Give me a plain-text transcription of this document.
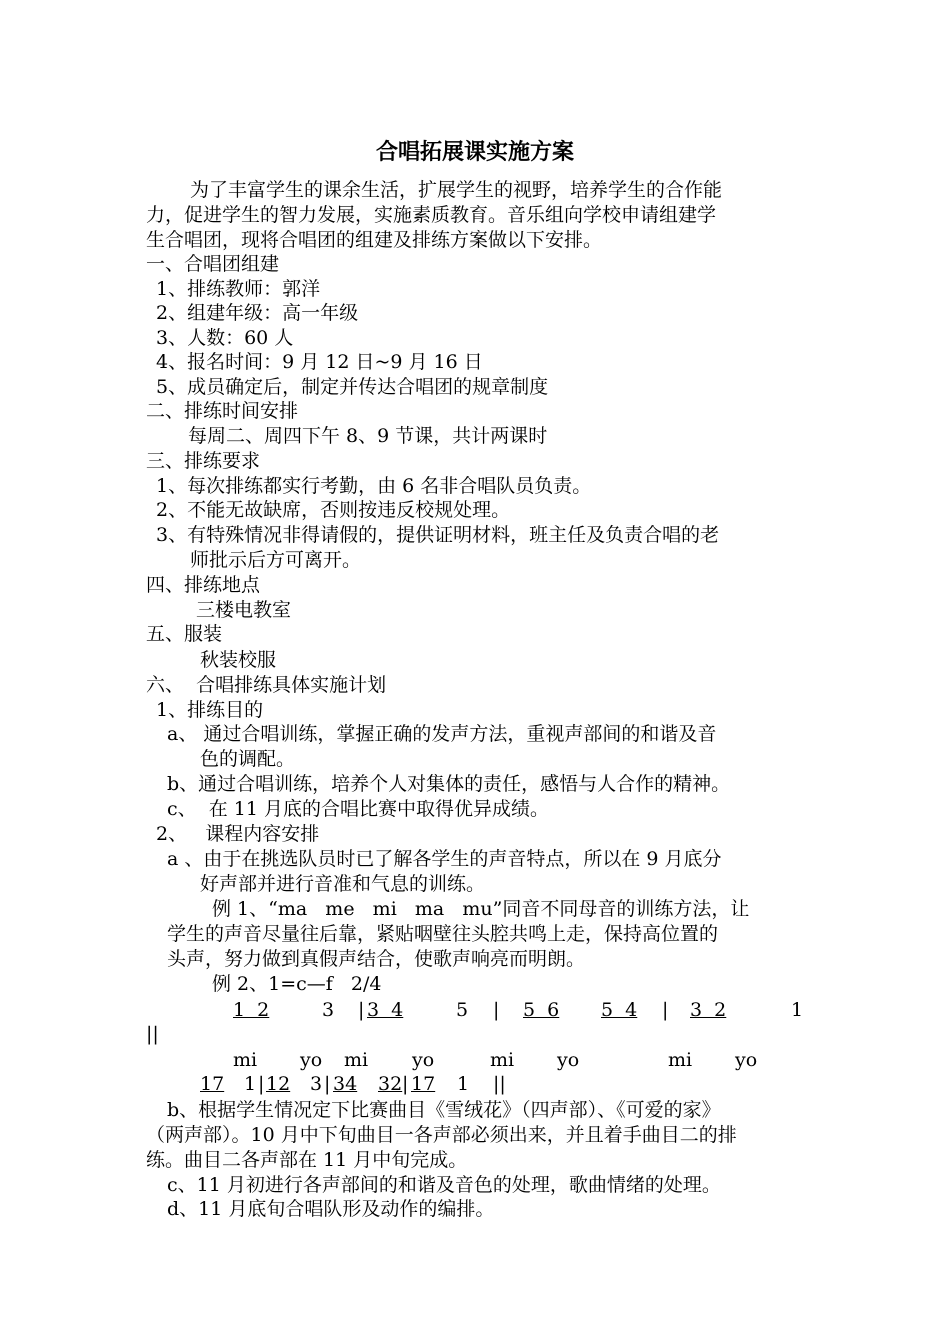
合唱拓展课实施方案
为了丰富学生的课余生活，扩展学生的视野，培养学生的合作能
力，促进学生的智力发展，实施素质教育。音乐组向学校申请组建学
生合唱团，现将合唱团的组建及排练方案做以下安排。
一、合唱团组建
1、排练教师：郭洋
2、组建年级：高一年级
3、人数：60 人
4、报名时间：9 月 12 日~9 月 16 日
5、成员确定后，制定并传达合唱团的规章制度
二、排练时间安排
每周二、周四下午 8、9 节课，共计两课时
三、排练要求
1、每次排练都实行考勤，由 6 名非合唱队员负责。
2、不能无故缺席，否则按违反校规处理。
3、有特殊情况非得请假的，提供证明材料，班主任及负责合唱的老
师批示后方可离开。
四、排练地点
三楼电教室
五、服装
秋装校服
六、  合唱排练具体实施计划
1、排练目的
a、 通过合唱训练，掌握正确的发声方法，重视声部间的和谐及音
色的调配。
b、通过合唱训练，培养个人对集体的责任，感悟与人合作的精神。
c、  在 11 月底的合唱比赛中取得优异成绩。
2、   课程内容安排
a 、由于在挑选队员时已了解各学生的声音特点，所以在 9 月底分
好声部并进行音准和气息的训练。
例 1、“ma   me   mi   ma   mu”同音不同母音的训练方法，让
学生的声音尽量往后靠，紧贴咽壁往头腔共鸣上走，保持高位置的
头声，努力做到真假声结合，使歌声响亮而明朗。
例 2、1=c—f   2/4
1  2	3 | 3  4	5 | 5  6 5  4 | 3  2	1
||
mi yo mi yo	mi yo	mi yo
17 1 | 12 3 | 34 32 | 17 1 ||
b、根据学生情况定下比赛曲目《雪绒花》（四声部）、《可爱的家》
（两声部）。10 月中下旬曲目一各声部必须出来，并且着手曲目二的排
练。曲目二各声部在 11 月中旬完成。
c、11 月初进行各声部间的和谐及音色的处理，歌曲情绪的处理。
d、11 月底旬合唱队形及动作的编排。
